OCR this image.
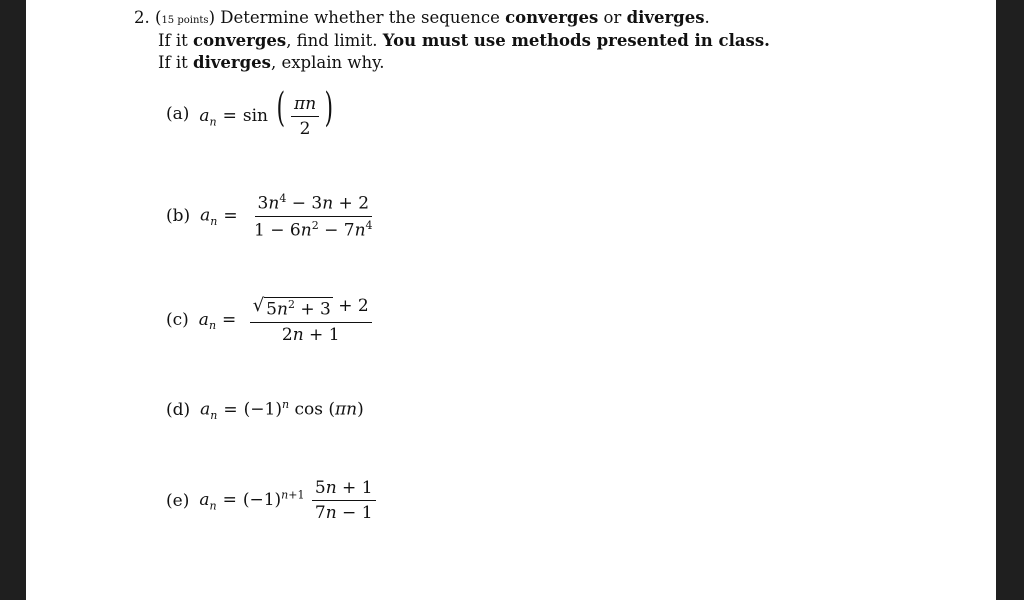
2. (15 points) Determine whether the sequence converges or diverges.
If it converges, find limit. You must use methods presented in class.
If it diverges, explain why.
(a) $a_n = \sin$ ( $\frac{\pi n}{2}$ )
(b) $a_n = \frac{3n^4 - 3n + 2}{1 - 6n^2 - 7n^4}$
(c) $a_n = \frac{√ 5n^2 + 3 + 2}{2n + 1}$
(d) $a_n = (-1)^n$ cos (πn)
(e) $a_n = (-1)^{n+1} \frac{5n + 1}{7n - 1}$
